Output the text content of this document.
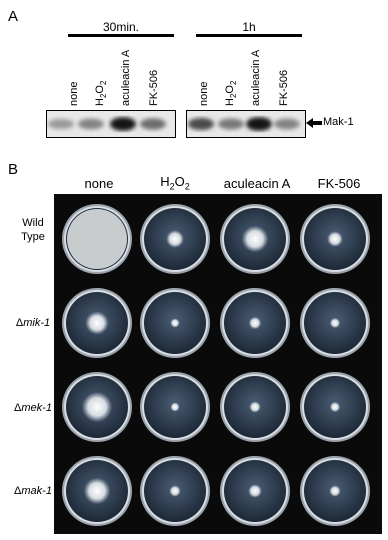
A
30min.	1h
none $H_2O_2$ aculeacin A FK-506	none $H_2O_2$ aculeacin A FK-506
Mak-1
B
none	$H_2O_2$	aculeacin A	FK-506
Wild
Type
Δmik-1
Δmek-1
Δmak-1
